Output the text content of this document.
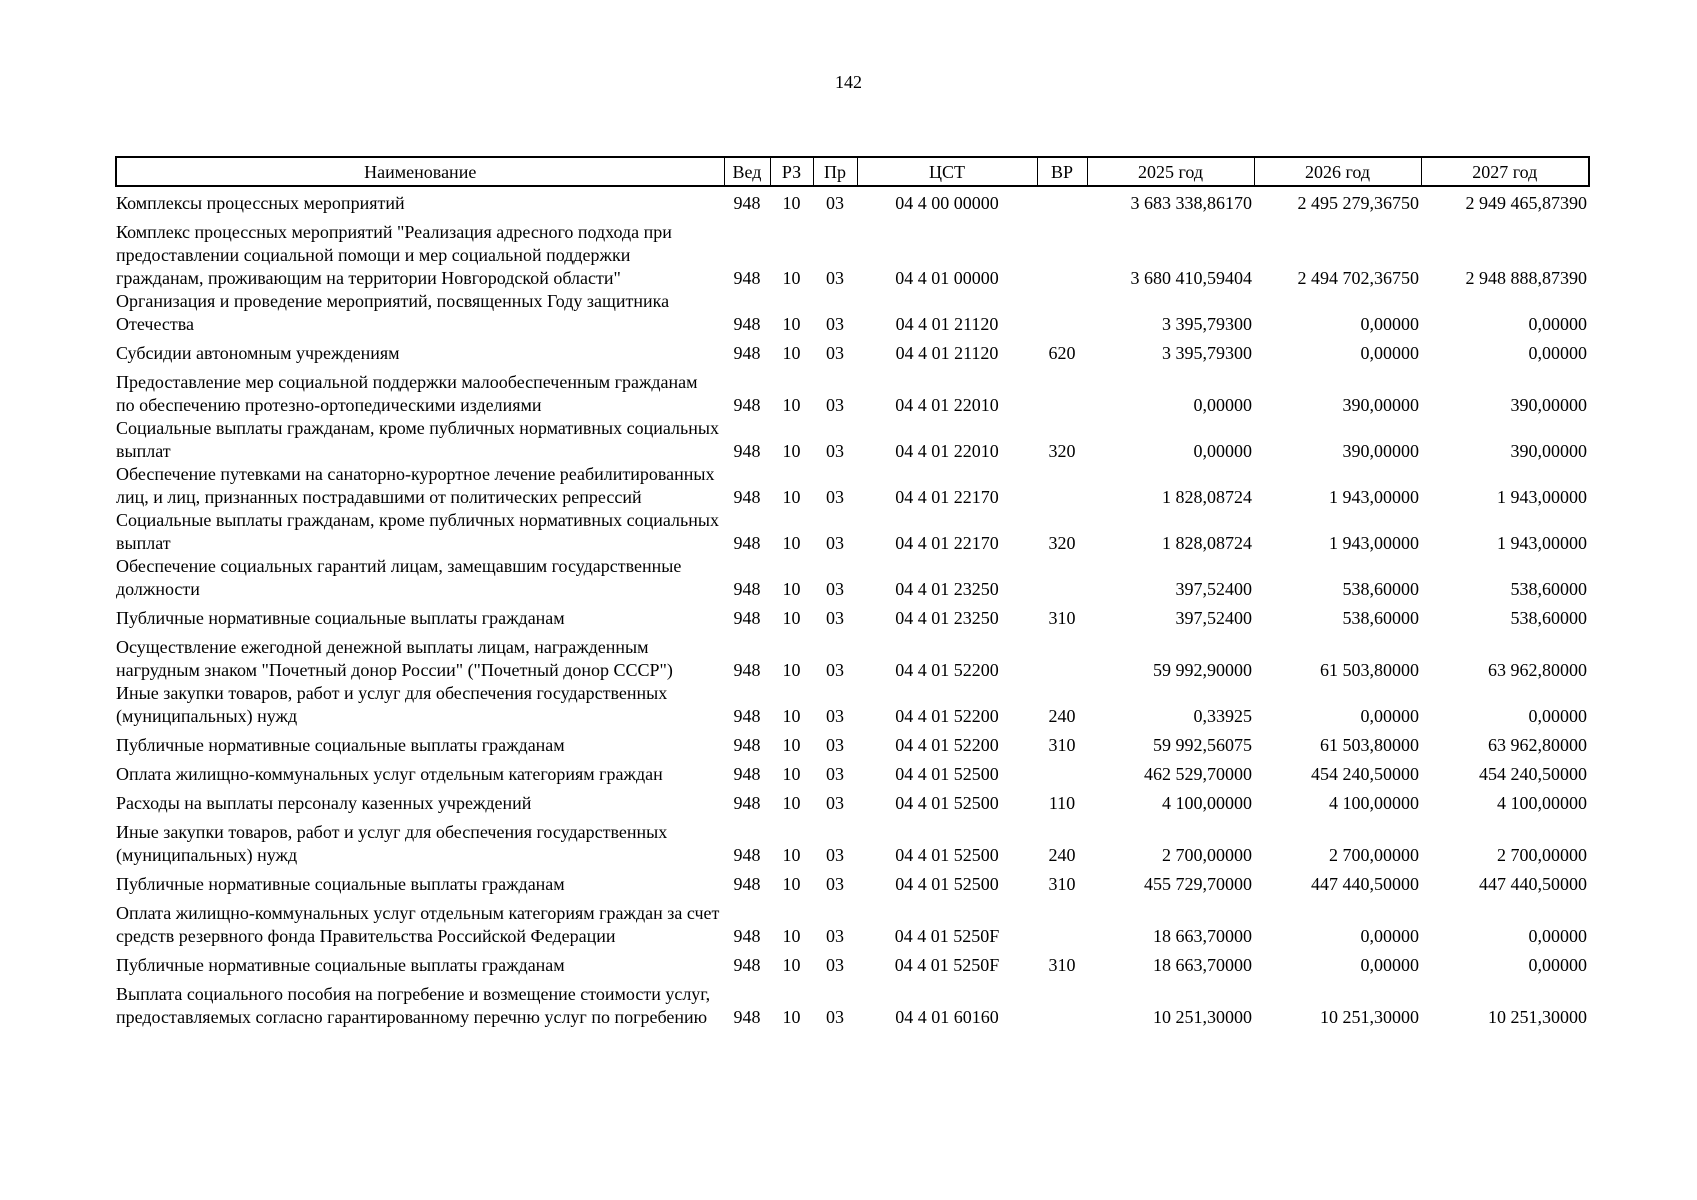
142
Наименование	Вед	РЗ	Пр	ЦСТ	ВР	2025 год	2026 год	2027 год
Комплексы процессных мероприятий	948	10	03	04 4 00 00000		3 683 338,86170	2 495 279,36750	2 949 465,87390
Комплекс процессных мероприятий "Реализация адресного подхода при предоставлении социальной помощи и мер социальной поддержки гражданам, проживающим на территории Новгородской области"	948	10	03	04 4 01 00000		3 680 410,59404	2 494 702,36750	2 948 888,87390
Организация и проведение мероприятий, посвященных Году защитника Отечества	948	10	03	04 4 01 21120		3 395,79300	0,00000	0,00000
Субсидии автономным учреждениям	948	10	03	04 4 01 21120	620	3 395,79300	0,00000	0,00000
Предоставление мер социальной поддержки малообеспеченным гражданам по обеспечению протезно-ортопедическими изделиями	948	10	03	04 4 01 22010		0,00000	390,00000	390,00000
Социальные выплаты гражданам, кроме публичных нормативных социальных выплат	948	10	03	04 4 01 22010	320	0,00000	390,00000	390,00000
Обеспечение путевками на санаторно-курортное лечение реабилитированных лиц, и лиц, признанных пострадавшими от политических репрессий	948	10	03	04 4 01 22170		1 828,08724	1 943,00000	1 943,00000
Социальные выплаты гражданам, кроме публичных нормативных социальных выплат	948	10	03	04 4 01 22170	320	1 828,08724	1 943,00000	1 943,00000
Обеспечение социальных гарантий лицам, замещавшим государственные должности	948	10	03	04 4 01 23250		397,52400	538,60000	538,60000
Публичные нормативные социальные выплаты гражданам	948	10	03	04 4 01 23250	310	397,52400	538,60000	538,60000
Осуществление ежегодной денежной выплаты лицам, награжденным нагрудным знаком "Почетный донор России" ("Почетный донор СССР")	948	10	03	04 4 01 52200		59 992,90000	61 503,80000	63 962,80000
Иные закупки товаров, работ и услуг для обеспечения государственных (муниципальных) нужд	948	10	03	04 4 01 52200	240	0,33925	0,00000	0,00000
Публичные нормативные социальные выплаты гражданам	948	10	03	04 4 01 52200	310	59 992,56075	61 503,80000	63 962,80000
Оплата жилищно-коммунальных услуг отдельным категориям граждан	948	10	03	04 4 01 52500		462 529,70000	454 240,50000	454 240,50000
Расходы на выплаты персоналу казенных учреждений	948	10	03	04 4 01 52500	110	4 100,00000	4 100,00000	4 100,00000
Иные закупки товаров, работ и услуг для обеспечения государственных (муниципальных) нужд	948	10	03	04 4 01 52500	240	2 700,00000	2 700,00000	2 700,00000
Публичные нормативные социальные выплаты гражданам	948	10	03	04 4 01 52500	310	455 729,70000	447 440,50000	447 440,50000
Оплата жилищно-коммунальных услуг отдельным категориям граждан за счет средств резервного фонда Правительства Российской Федерации	948	10	03	04 4 01 5250F		18 663,70000	0,00000	0,00000
Публичные нормативные социальные выплаты гражданам	948	10	03	04 4 01 5250F	310	18 663,70000	0,00000	0,00000
Выплата социального пособия на погребение и возмещение стоимости услуг, предоставляемых согласно гарантированному перечню услуг по погребению	948	10	03	04 4 01 60160		10 251,30000	10 251,30000	10 251,30000
